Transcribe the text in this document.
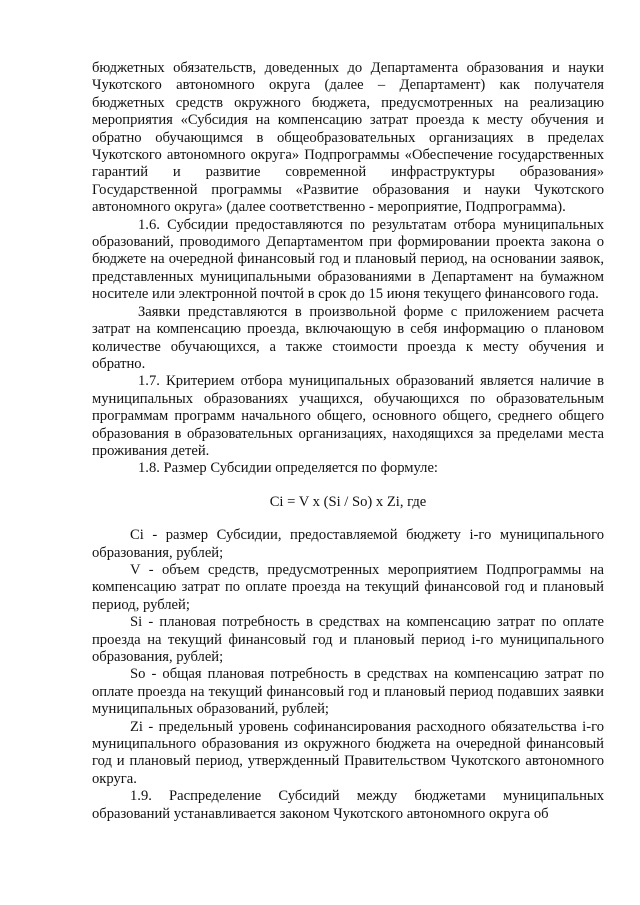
бюджетных обязательств, доведенных до Департамента образования и науки Чукотского автономного округа (далее – Департамент) как получателя бюджетных средств окружного бюджета, предусмотренных на реализацию мероприятия «Субсидия на компенсацию затрат проезда к месту обучения и обратно обучающимся в общеобразовательных организациях в пределах Чукотского автономного округа» Подпрограммы «Обеспечение государственных гарантий и развитие современной инфраструктуры образования» Государственной программы «Развитие образования и науки Чукотского автономного округа» (далее соответственно - мероприятие, Подпрограмма).

1.6. Субсидии предоставляются по результатам отбора муниципальных образований, проводимого Департаментом при формировании проекта закона о бюджете на очередной финансовый год и плановый период, на основании заявок, представленных муниципальными образованиями в Департамент на бумажном носителе или электронной почтой в срок до 15 июня текущего финансового года.

Заявки представляются в произвольной форме с приложением расчета затрат на компенсацию проезда, включающую в себя информацию о плановом количестве обучающихся, а также стоимости проезда к месту обучения и обратно.

1.7. Критерием отбора муниципальных образований является наличие в муниципальных образованиях учащихся, обучающихся по образовательным программам программ начального общего, основного общего, среднего общего образования в образовательных организациях, находящихся за пределами места проживания детей.

1.8. Размер Субсидии определяется по формуле:

Ci = V x (Si / So) x Zi, где

Ci - размер Субсидии, предоставляемой бюджету i-го муниципального образования, рублей;

V - объем средств, предусмотренных мероприятием Подпрограммы на компенсацию затрат по оплате проезда на текущий финансовой год и плановый период, рублей;

Si - плановая потребность в средствах на компенсацию затрат по оплате проезда на текущий финансовый год и плановый период i-го муниципального образования, рублей;

So - общая плановая потребность в средствах на компенсацию затрат по оплате проезда на текущий финансовый год и плановый период подавших заявки муниципальных образований, рублей;

Zi - предельный уровень софинансирования расходного обязательства i-го муниципального образования из окружного бюджета на очередной финансовый год и плановый период, утвержденный Правительством Чукотского автономного округа.

1.9. Распределение Субсидий между бюджетами муниципальных образований устанавливается законом Чукотского автономного округа об
